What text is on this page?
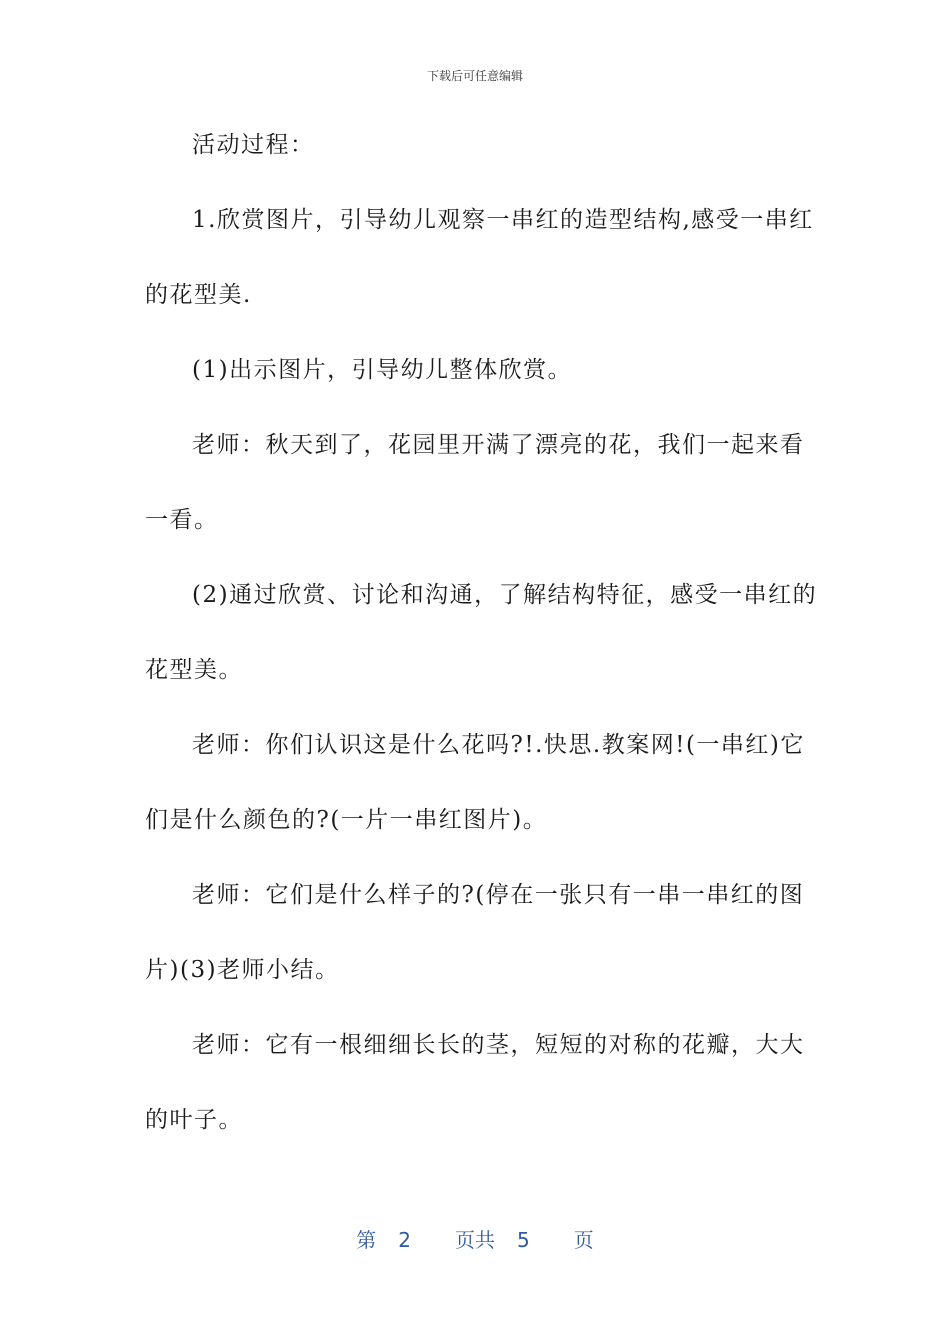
下载后可任意编辑
活动过程：
1.欣赏图片，引导幼儿观察一串红的造型结构,感受一串红
的花型美.
(1)出示图片，引导幼儿整体欣赏。
老师：秋天到了，花园里开满了漂亮的花，我们一起来看
一看。
(2)通过欣赏、讨论和沟通，了解结构特征，感受一串红的
花型美。
老师：你们认识这是什么花吗?!.快思.教案网!(一串红)它
们是什么颜色的?(一片一串红图片)。
老师：它们是什么样子的?(停在一张只有一串一串红的图
片)(3)老师小结。
老师：它有一根细细长长的茎，短短的对称的花瓣，大大
的叶子。
第 2 页共 5 页
